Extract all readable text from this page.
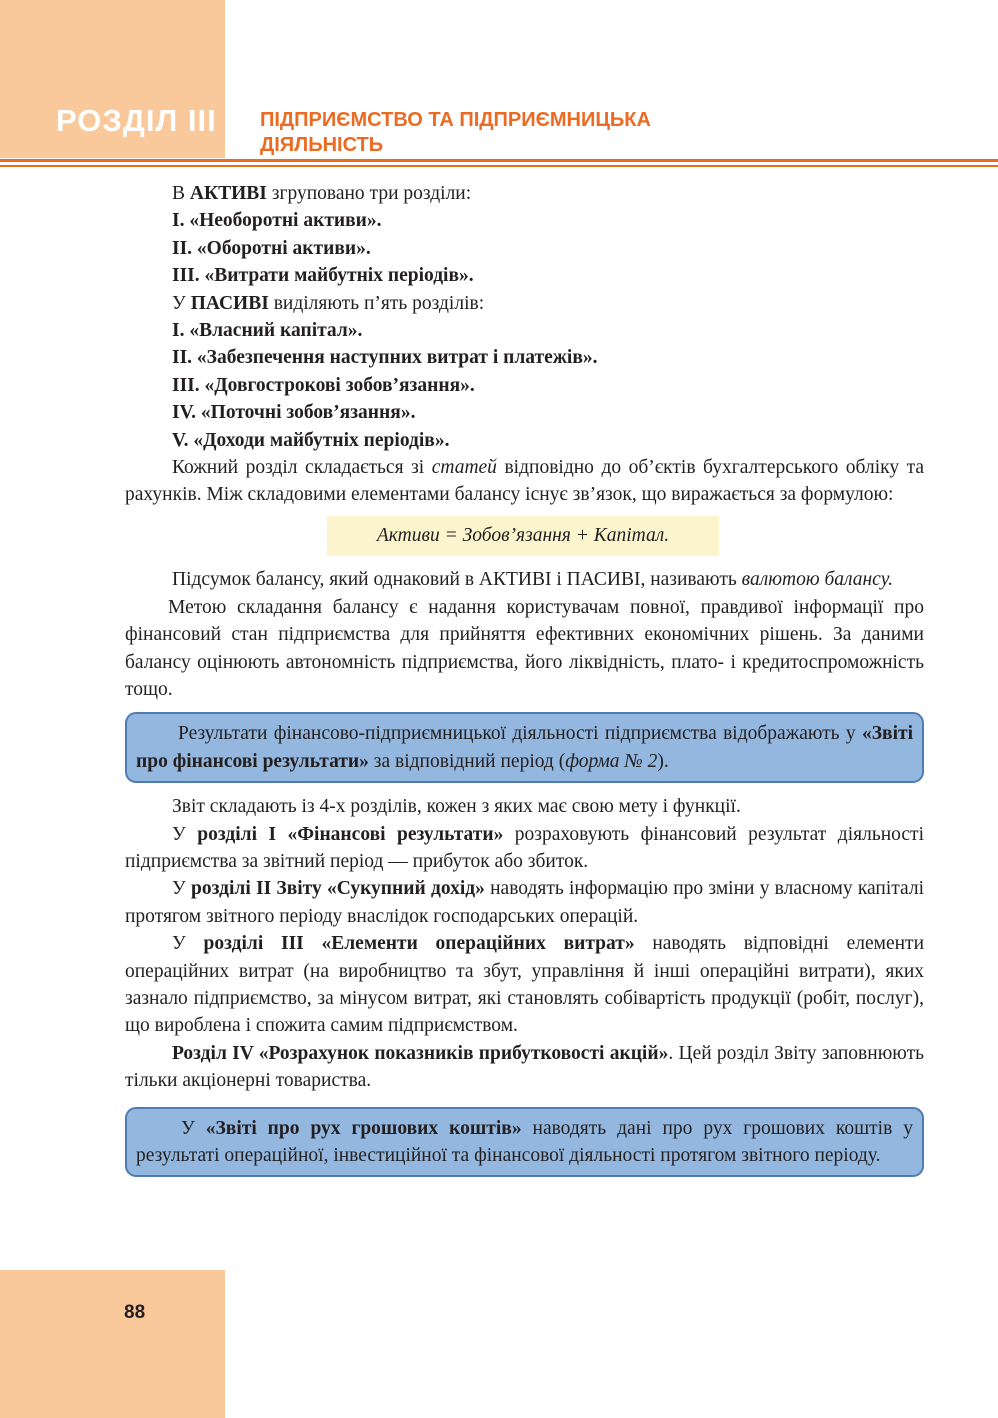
РОЗДІЛ III ПІДПРИЄМСТВО ТА ПІДПРИЄМНИЦЬКА
ДІЯЛЬНІСТЬ

В АКТИВІ згруповано три розділи:

I. «Необоротні активи».

II. «Оборотні активи».

III. «Витрати майбутніх періодів».

У ПАСИВІ виділяють п’ять розділів:

I. «Власний капітал».

II. «Забезпечення наступних витрат і платежів».

III. «Довгострокові зобов’язання».

IV. «Поточні зобов’язання».

V. «Доходи майбутніх періодів».

Кожний розділ складається зі статей відповідно до об’єктів бухгалтерського обліку та рахунків. Між складовими елементами балансу існує зв’язок, що виражається за формулою:

Активи = Зобов’язання + Капітал.

Підсумок балансу, який однаковий в АКТИВІ і ПАСИВІ, називають валютою балансу.

Метою складання балансу є надання користувачам повної, правдивої інформації про фінансовий стан підприємства для прийняття ефективних економічних рішень. За даними балансу оцінюють автономність підприємства, його ліквідність, плато- і кредитоспроможність тощо.

Результати фінансово-підприємницької діяльності підприємства відображають у «Звіті про фінансові результати» за відповідний період (форма № 2).

Звіт складають із 4-х розділів, кожен з яких має свою мету і функції.

У розділі I «Фінансові результати» розраховують фінансовий результат діяльності підприємства за звітний період — прибуток або збиток.

У розділі II Звіту «Сукупний дохід» наводять інформацію про зміни у власному капіталі протягом звітного періоду внаслідок господарських операцій.

У розділі III «Елементи операційних витрат» наводять відповідні елементи операційних витрат (на виробництво та збут, управління й інші операційні витрати), яких зазнало підприємство, за мінусом витрат, які становлять собівартість продукції (робіт, послуг), що вироблена і спожита самим підприємством.

Розділ IV «Розрахунок показників прибутковості акцій». Цей розділ Звіту заповнюють тільки акціонерні товариства.

У «Звіті про рух грошових коштів» наводять дані про рух грошових коштів у результаті операційної, інвестиційної та фінансової діяльності протягом звітного періоду.

88
